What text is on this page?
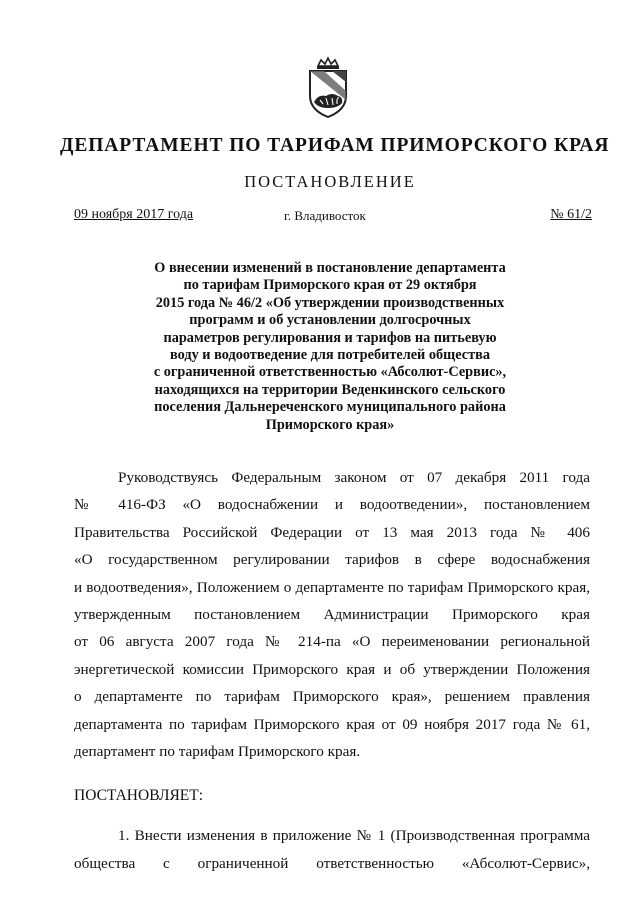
ДЕПАРТАМЕНТ ПО ТАРИФАМ ПРИМОРСКОГО КРАЯ
ПОСТАНОВЛЕНИЕ
09 ноября 2017 года	г. Владивосток	№ 61/2
О внесении изменений в постановление департамента
по тарифам Приморского края от 29 октября
2015 года № 46/2 «Об утверждении производственных
программ и об установлении долгосрочных
параметров регулирования и тарифов на питьевую
воду и водоотведение для потребителей общества
с ограниченной ответственностью «Абсолют-Сервис»,
находящихся на территории Веденкинского сельского
поселения Дальнереченского муниципального района
Приморского края»
Руководствуясь Федеральным законом от 07 декабря 2011 года
№ 416-ФЗ «О водоснабжении и водоотведении», постановлением
Правительства Российской Федерации от 13 мая 2013 года № 406
«О государственном регулировании тарифов в сфере водоснабжения
и водоотведения», Положением о департаменте по тарифам Приморского края,
утвержденным постановлением Администрации Приморского края
от 06 августа 2007 года № 214-па «О переименовании региональной
энергетической комиссии Приморского края и об утверждении Положения
о департаменте по тарифам Приморского края», решением правления
департамента по тарифам Приморского края от 09 ноября 2017 года № 61,
департамент по тарифам Приморского края.
ПОСТАНОВЛЯЕТ:
1. Внести изменения в приложение № 1 (Производственная программа
общества с ограниченной ответственностью «Абсолют-Сервис»,
